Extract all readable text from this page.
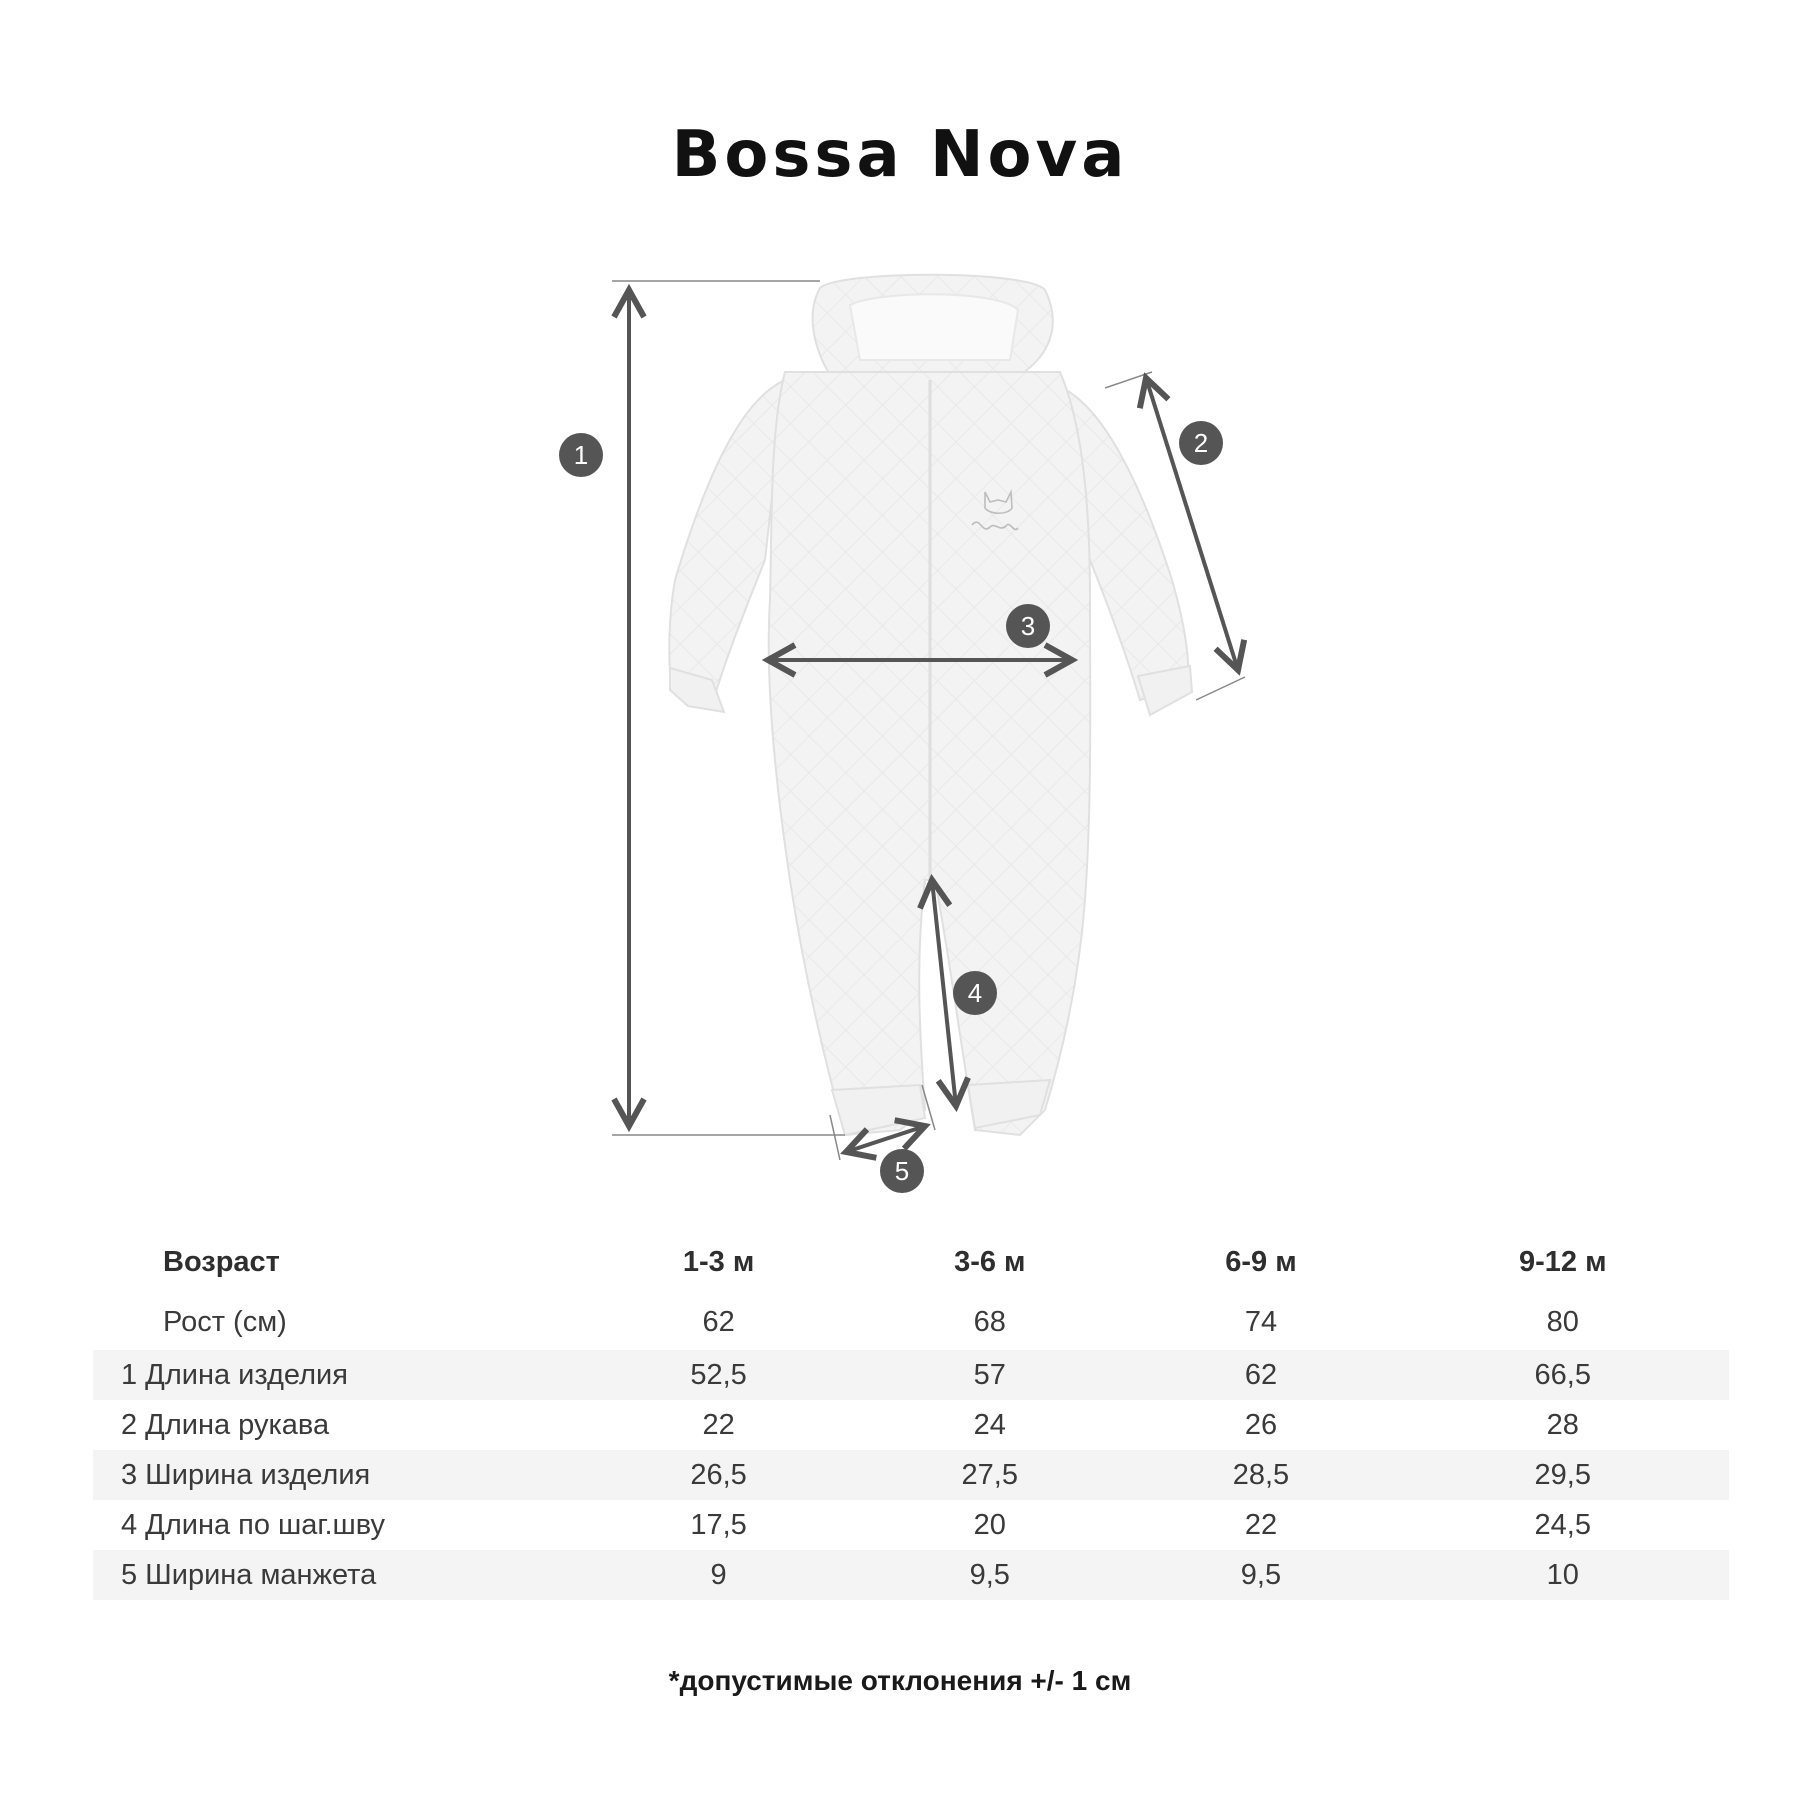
Bossa Nova
1	2
3
4
5
Возраст	1-3 м	3-6 м	6-9 м	9-12 м
Рост (см)	62	68	74	80
1 Длина изделия	52,5	57	62	66,5
2 Длина рукава	22	24	26	28
3 Ширина изделия	26,5	27,5	28,5	29,5
4 Длина по шаг.шву	17,5	20	22	24,5
5 Ширина манжета	9	9,5	9,5	10
*допустимые отклонения +/- 1 см
